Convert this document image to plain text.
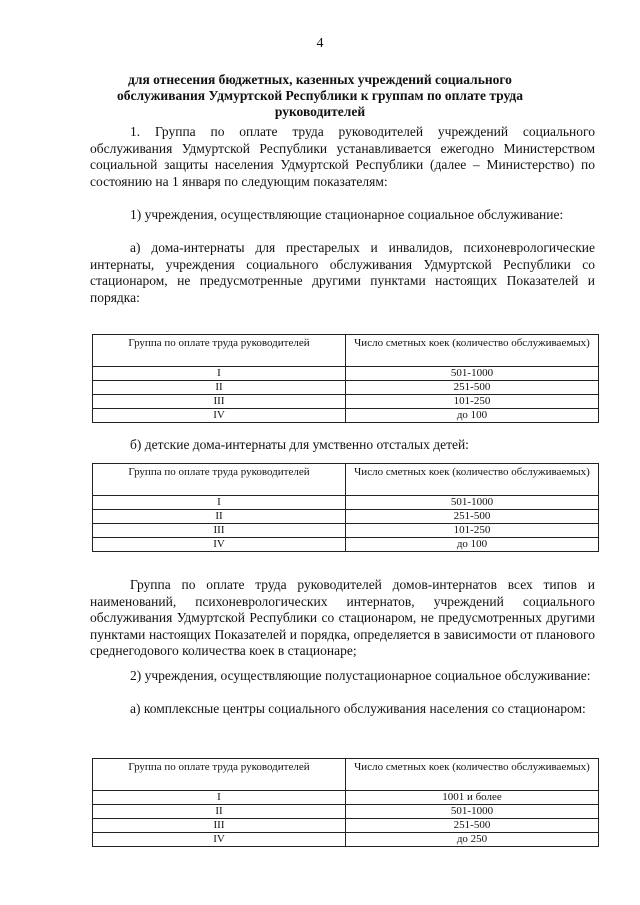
4
для отнесения бюджетных, казенных учреждений социального
обслуживания Удмуртской Республики к группам по оплате труда
руководителей
1. Группа по оплате труда руководителей учреждений социального обслуживания Удмуртской Республики устанавливается ежегодно Министерством социальной защиты населения Удмуртской Республики (далее – Министерство) по состоянию на 1 января по следующим показателям:
1) учреждения, осуществляющие стационарное социальное обслуживание:
а) дома-интернаты для престарелых и инвалидов, психоневрологические интернаты, учреждения социального обслуживания Удмуртской Республики со стационаром, не предусмотренные другими пунктами настоящих Показателей и порядка:
Группа по оплате труда руководителей	Число сметных коек (количество обслуживаемых)
I	501-1000
II	251-500
III	101-250
IV	до 100
б) детские дома-интернаты для умственно отсталых детей:
Группа по оплате труда руководителей	Число сметных коек (количество обслуживаемых)
I	501-1000
II	251-500
III	101-250
IV	до 100
Группа по оплате труда руководителей домов-интернатов всех типов и наименований, психоневрологических интернатов, учреждений социального обслуживания Удмуртской Республики со стационаром, не предусмотренных другими пунктами настоящих Показателей и порядка, определяется в зависимости от планового среднегодового количества коек в стационаре;
2) учреждения, осуществляющие полустационарное социальное обслуживание:
а) комплексные центры социального обслуживания населения со стационаром:
Группа по оплате труда руководителей	Число сметных коек (количество обслуживаемых)
I	1001 и более
II	501-1000
III	251-500
IV	до 250
